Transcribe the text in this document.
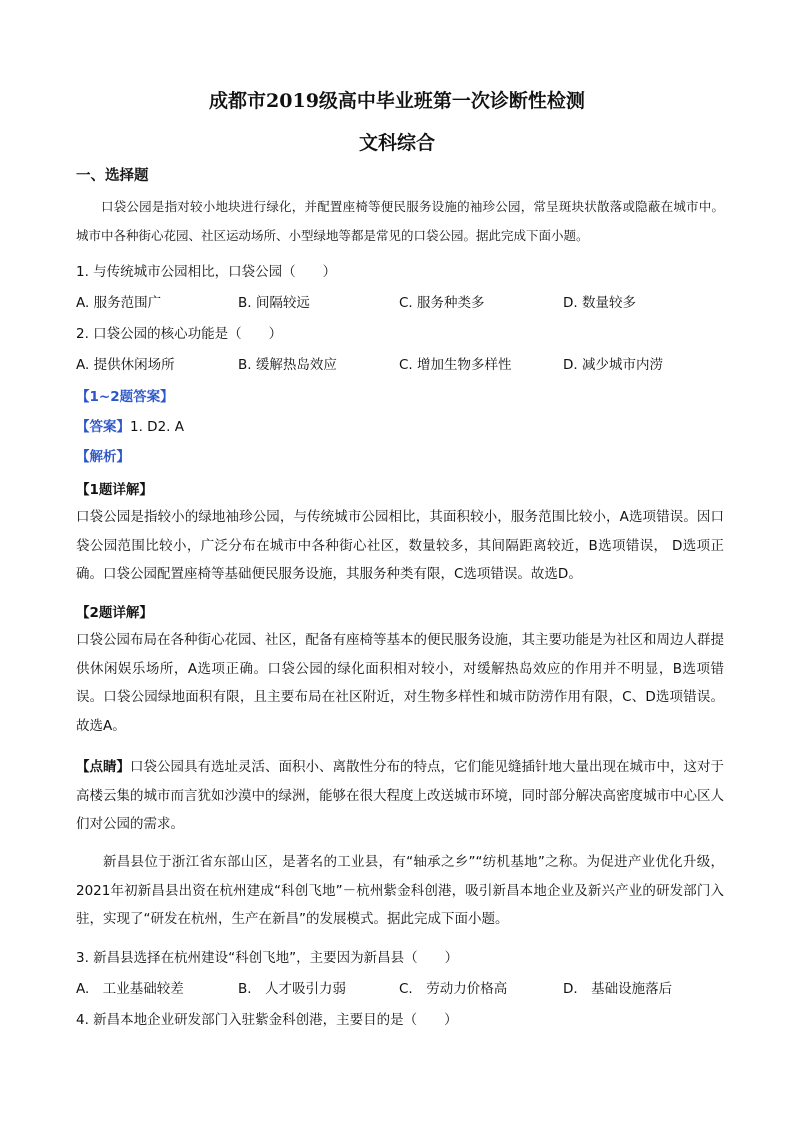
成都市2019级高中毕业班第一次诊断性检测
文科综合
一、选择题

口袋公园是指对较小地块进行绿化，并配置座椅等便民服务设施的袖珍公园，常呈斑块状散落或隐蔽在城市中。城市中各种街心花园、社区运动场所、小型绿地等都是常见的口袋公园。据此完成下面小题。

1. 与传统城市公园相比，口袋公园（　　）
A. 服务范围广	B. 间隔较远	C. 服务种类多	D. 数量较多
2. 口袋公园的核心功能是（　　）
A. 提供休闲场所	B. 缓解热岛效应	C. 增加生物多样性	D. 减少城市内涝
【1~2题答案】
【答案】1. D2. A
【解析】
【1题详解】

口袋公园是指较小的绿地袖珍公园，与传统城市公园相比，其面积较小，服务范围比较小，A选项错误。因口袋公园范围比较小，广泛分布在城市中各种街心社区，数量较多，其间隔距离较近，B选项错误， D选项正确。口袋公园配置座椅等基础便民服务设施，其服务种类有限，C选项错误。故选D。

【2题详解】

口袋公园布局在各种街心花园、社区，配备有座椅等基本的便民服务设施，其主要功能是为社区和周边人群提供休闲娱乐场所，A选项正确。口袋公园的绿化面积相对较小，对缓解热岛效应的作用并不明显，B选项错误。口袋公园绿地面积有限，且主要布局在社区附近，对生物多样性和城市防涝作用有限，C、D选项错误。故选A。

【点睛】口袋公园具有选址灵活、面积小、离散性分布的特点，它们能见缝插针地大量出现在城市中，这对于高楼云集的城市而言犹如沙漠中的绿洲，能够在很大程度上改送城市环境，同时部分解决高密度城市中心区人们对公园的需求。

新昌县位于浙江省东部山区，是著名的工业县，有“轴承之乡”“纺机基地”之称。为促进产业优化升级，2021年初新昌县出资在杭州建成“科创飞地”－杭州紫金科创港，吸引新昌本地企业及新兴产业的研发部门入驻，实现了“研发在杭州，生产在新昌”的发展模式。据此完成下面小题。

3. 新昌县选择在杭州建设“科创飞地”，主要因为新昌县（　　）
A.　工业基础较差	B.　人才吸引力弱	C.　劳动力价格高	D.　基础设施落后
4. 新昌本地企业研发部门入驻紫金科创港，主要目的是（　　）
